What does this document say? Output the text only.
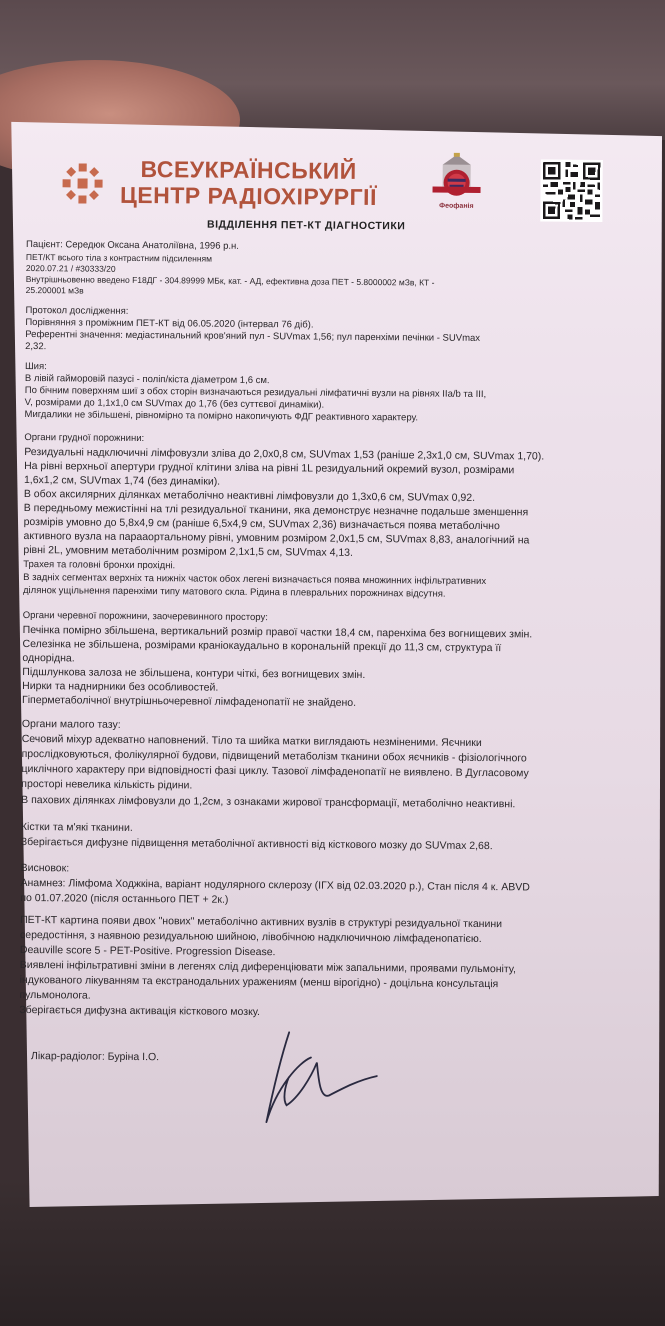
ВСЕУКРАЇНСЬКИЙ
ЦЕНТР РАДІОХІРУРГІЇ	Феофанія
ВІДДІЛЕННЯ ПЕТ-КТ ДІАГНОСТИКИ
Пацієнт: Середюк Оксана Анатоліївна, 1996 р.н.
ПЕТ/КТ всього тіла з контрастним підсиленням
2020.07.21 / #30333/20
Внутрішньовенно введено F18ДГ - 304.89999 МБк, кат. - АД, ефективна доза ПЕТ - 5.8000002 мЗв, КТ -
25.200001 мЗв
Протокол дослідження:
Порівняння з проміжним ПЕТ-КТ від 06.05.2020 (інтервал 76 діб).
Референтні значення: медіастинальний кров'яний пул - SUVmax 1,56; пул паренхіми печінки - SUVmax
2,32.
Шия:
В лівій гайморовій пазусі - поліп/кіста діаметром 1,6 см.
По бічним поверхням шиї з обох сторін визначаються резидуальні лімфатичні вузли на рівнях IIa/b та III,
V, розмірами до 1,1х1,0 см SUVmax до 1,76 (без суттєвої динаміки).
Мигдалики не збільшені, рівномірно та помірно накопичують ФДГ реактивного характеру.
Органи грудної порожнини:
Резидуальні надключичні лімфовузли зліва до 2,0х0,8 см, SUVmax 1,53 (раніше 2,3х1,0 см, SUVmax 1,70).
На рівні верхньої апертури грудної клітини зліва на рівні 1L резидуальний окремий вузол, розмірами
1,6х1,2 см, SUVmax 1,74 (без динаміки).
В обох аксилярних ділянках метаболічно неактивні лімфовузли до 1,3х0,6 см, SUVmax 0,92.
В передньому межистінні на тлі резидуальної тканини, яка демонструє незначне подальше зменшення
розмірів умовно до 5,8х4,9 см (раніше 6,5х4,9 см, SUVmax 2,36) визначається поява метаболічно
активного вузла на парааортальному рівні, умовним розміром 2,0х1,5 см, SUVmax 8,83, аналогічний на
рівні 2L, умовним метаболічним розміром 2,1х1,5 см, SUVmax 4,13.
Трахея та головні бронхи прохідні.
В задніх сегментах верхніх та нижніх часток обох легені визначається поява множинних інфільтративних
ділянок ущільнення паренхіми типу матового скла. Рідина в плевральних порожнинах відсутня.
Органи черевної порожнини, заочеревинного простору:
Печінка помірно збільшена, вертикальний розмір правої частки 18,4 см, паренхіма без вогнищевих змін.
Селезінка не збільшена, розмірами краніокаудально в корональній прекції до 11,3 см, структура її
однорідна.
Підшлункова залоза не збільшена, контури чіткі, без вогнищевих змін.
Нирки та наднирники без особливостей.
Гіперметаболічної внутрішньочеревної лімфаденопатії не знайдено.
Органи малого тазу:
Сечовий міхур адекватно наповнений. Тіло та шийка матки виглядають незміненими. Яєчники
прослідковуються, фолікулярної будови, підвищений метаболізм тканини обох яєчників - фізіологічного
циклічного характеру при відповідності фазі циклу. Тазової лімфаденопатії не виявлено. В Дугласовому
просторі невелика кількість рідини.
В пахових ділянках лімфовузли до 1,2см, з ознаками жирової трансформації, метаболічно неактивні.
Кістки та м'які тканини.
Зберігається дифузне підвищення метаболічної активності від кісткового мозку до SUVmax 2,68.
Висновок:
Анамнез: Лімфома Ходжкіна, варіант нодулярного склерозу (ІГХ від 02.03.2020 р.), Стан після 4 к. ABVD
по 01.07.2020 (після останнього ПЕТ + 2к.)
ПЕТ-КТ картина появи двох "нових" метаболічно активних вузлів в структурі резидуальної тканини
середостіння, з наявною резидуальною шийною, лівобічною надключичною лімфаденопатією.
Deauville score 5 - PET-Positive. Progression Disease.
Виявлені інфільтративні зміни в легенях слід диференціювати між запальними, проявами пульмоніту,
індукованого лікуванням та екстранодальних уражениям (менш вірогідно) - доцільна консультація
пульмонолога.
Зберігається дифузна активація кісткового мозку.
Лікар-радіолог: Буріна І.О.
